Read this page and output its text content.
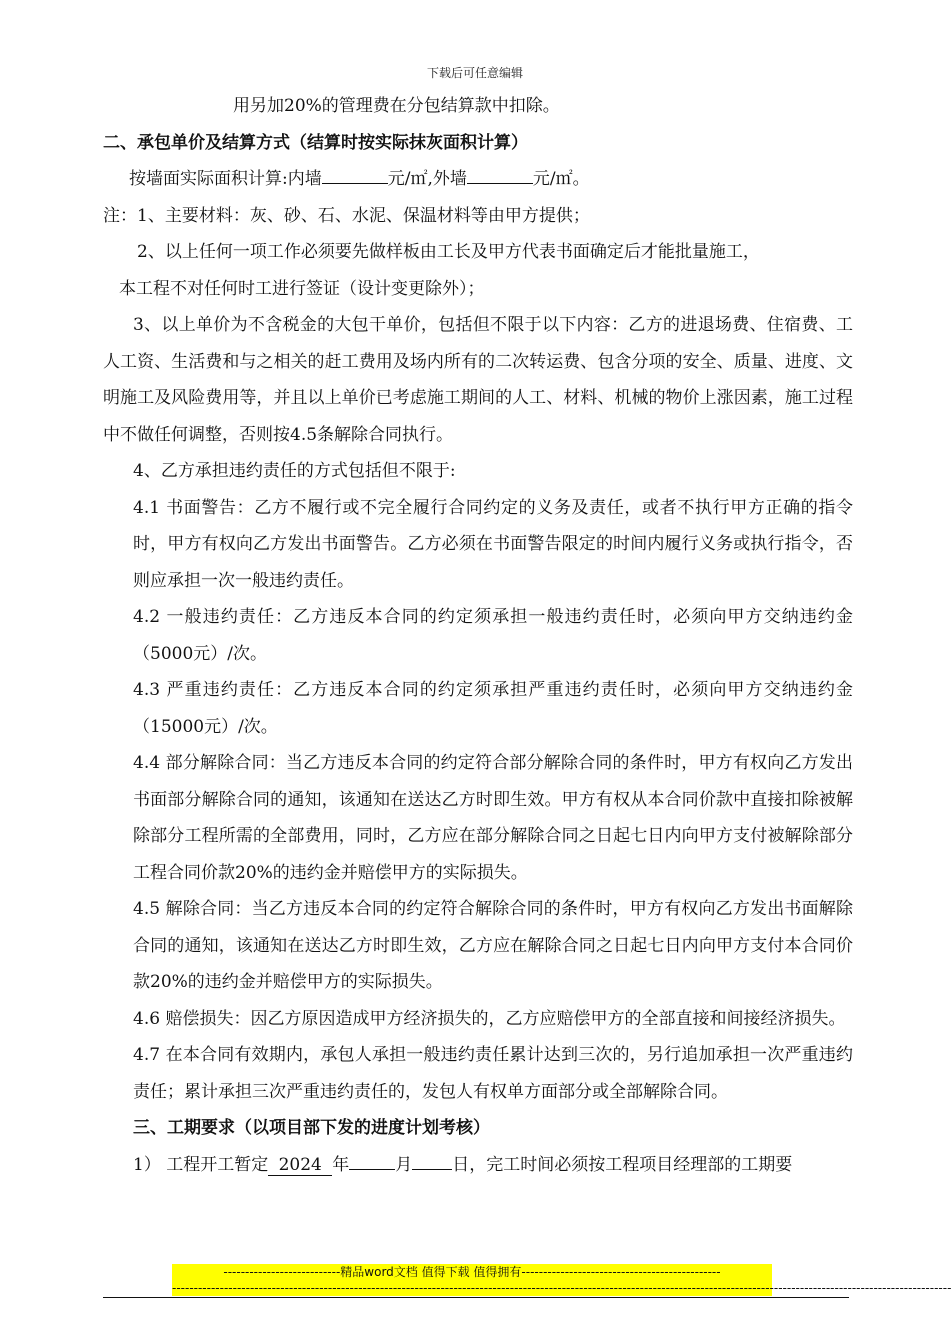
下载后可任意编辑

用另加20%的管理费在分包结算款中扣除。

二、承包单价及结算方式（结算时按实际抹灰面积计算）

按墙面实际面积计算:内墙	元/㎡,外墙	元/㎡。

注：1、主要材料：灰、砂、石、水泥、保温材料等由甲方提供；

2、以上任何一项工作必须要先做样板由工长及甲方代表书面确定后才能批量施工，

本工程不对任何时工进行签证（设计变更除外）；

3、以上单价为不含税金的大包干单价，包括但不限于以下内容：乙方的进退场费、住宿费、工人工资、生活费和与之相关的赶工费用及场内所有的二次转运费、包含分项的安全、质量、进度、文明施工及风险费用等，并且以上单价已考虑施工期间的人工、材料、机械的物价上涨因素，施工过程中不做任何调整，否则按4.5条解除合同执行。

4、乙方承担违约责任的方式包括但不限于:

4.1 书面警告：乙方不履行或不完全履行合同约定的义务及责任，或者不执行甲方正确的指令时，甲方有权向乙方发出书面警告。乙方必须在书面警告限定的时间内履行义务或执行指令，否则应承担一次一般违约责任。

4.2 一般违约责任：乙方违反本合同的约定须承担一般违约责任时，必须向甲方交纳违约金（5000元）/次。

4.3 严重违约责任：乙方违反本合同的约定须承担严重违约责任时，必须向甲方交纳违约金（15000元）/次。

4.4 部分解除合同：当乙方违反本合同的约定符合部分解除合同的条件时，甲方有权向乙方发出书面部分解除合同的通知，该通知在送达乙方时即生效。甲方有权从本合同价款中直接扣除被解除部分工程所需的全部费用，同时，乙方应在部分解除合同之日起七日内向甲方支付被解除部分工程合同价款20%的违约金并赔偿甲方的实际损失。

4.5 解除合同：当乙方违反本合同的约定符合解除合同的条件时，甲方有权向乙方发出书面解除合同的通知，该通知在送达乙方时即生效，乙方应在解除合同之日起七日内向甲方支付本合同价款20%的违约金并赔偿甲方的实际损失。

4.6 赔偿损失：因乙方原因造成甲方经济损失的，乙方应赔偿甲方的全部直接和间接经济损失。

4.7 在本合同有效期内，承包人承担一般违约责任累计达到三次的，另行追加承担一次严重违约责任；累计承担三次严重违约责任的，发包人有权单方面部分或全部解除合同。

三、工期要求（以项目部下发的进度计划考核）

1） 工程开工暂定 2024 年	月 日，完工时间必须按工程项目经理部的工期要

---------------------------精品word文档 值得下载 值得拥有----------------------------------------------
------------------------------------------------------------------------------------------------------------------------------------------------------------------------------------
